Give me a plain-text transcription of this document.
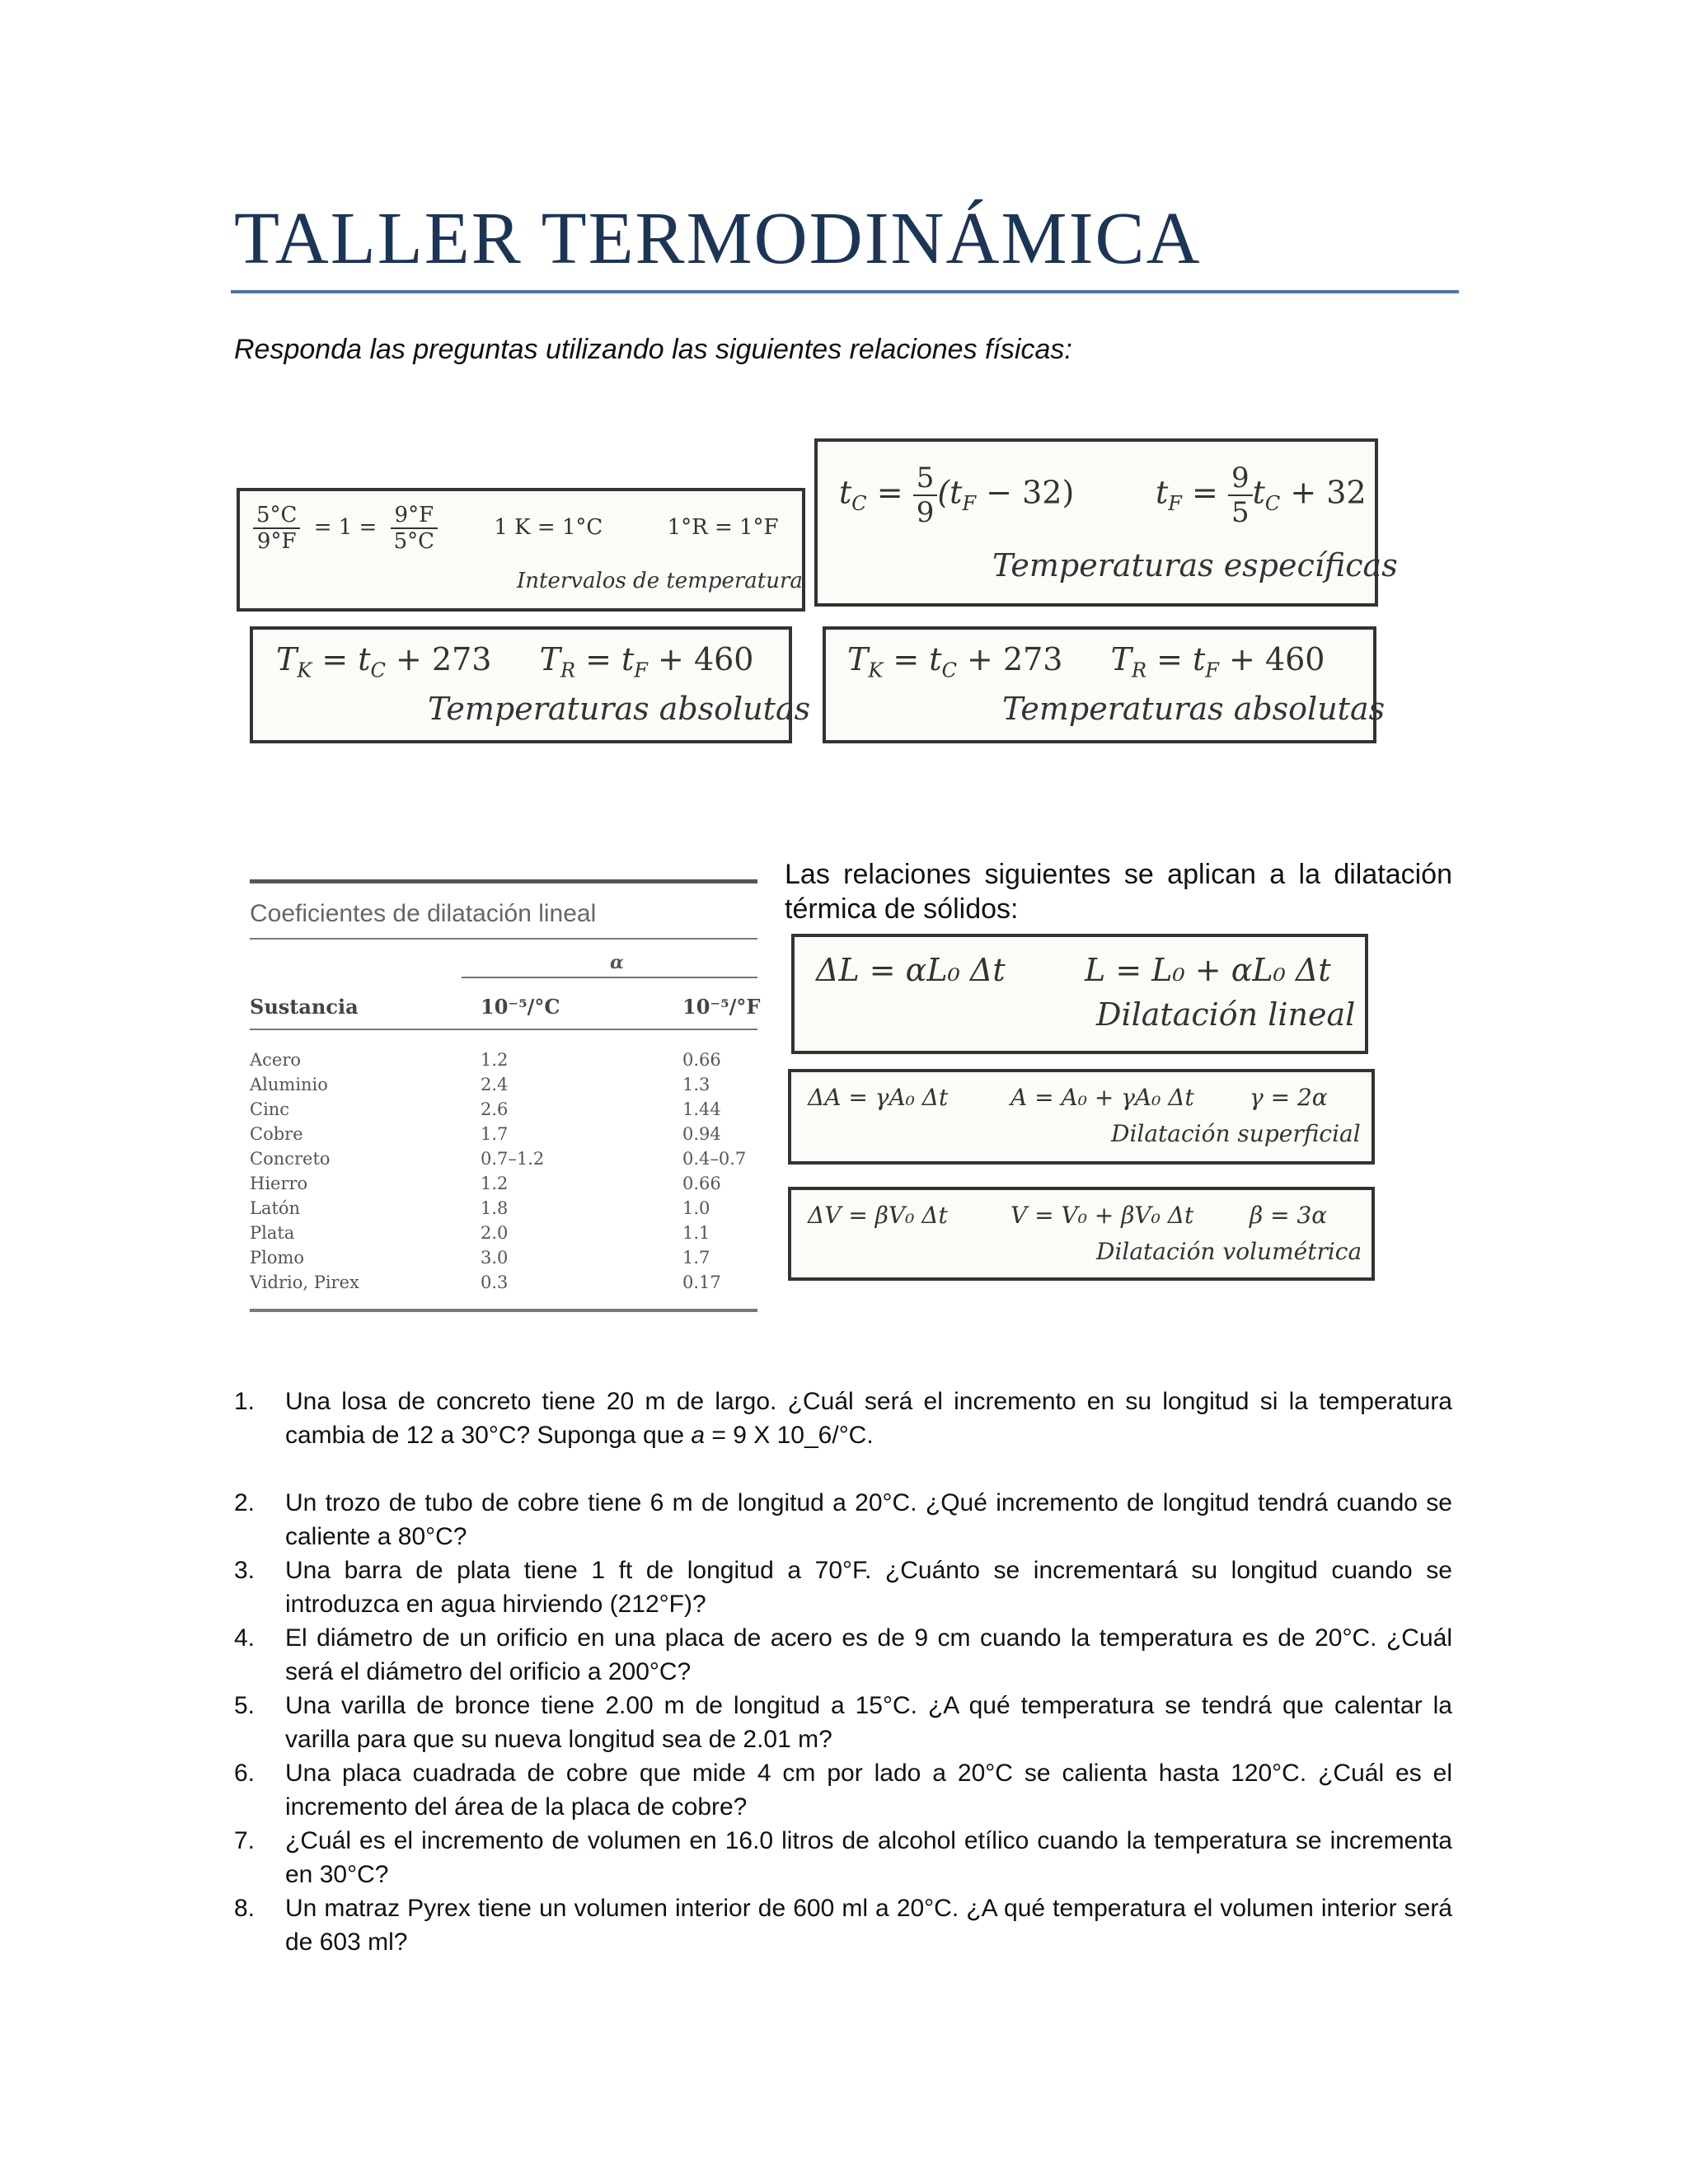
TALLER TERMODINÁMICA
Responda las preguntas utilizando las siguientes relaciones físicas:
$\frac{5^\circ C}{9^\circ F} = 1 = \frac{9^\circ F}{5^\circ C}$	1 K = 1°C	1°R = 1°F
Intervalos de temperatura
$t_C = \frac{5}{9} (t_F - 32)$	$t_F = \frac{9}{5} t_C + 32$
Temperaturas específicas
$T_K = t_C + 273$ $T_R = t_F + 460$
Temperaturas absolutas
$T_K = t_C + 273$ $T_R = t_F + 460$
Temperaturas absolutas
Coeficientes de dilatación lineal
α
Sustancia	10⁻⁵/°C	10⁻⁵/°F
Acero	1.2	0.66
Aluminio	2.4	1.3
Cinc	2.6	1.44
Cobre	1.7	0.94
Concreto	0.7–1.2	0.4–0.7
Hierro	1.2	0.66
Latón	1.8	1.0
Plata	2.0	1.1
Plomo	3.0	1.7
Vidrio, Pirex	0.3	0.17
Las relaciones siguientes se aplican a la dilatación térmica de sólidos:
ΔL = αL₀ Δt	L = L₀ + αL₀ Δt
Dilatación lineal
ΔA = γA₀ Δt	A = A₀ + γA₀ Δt γ = 2α
Dilatación superficial
ΔV = βV₀ Δt	V = V₀ + βV₀ Δt β = 3α
Dilatación volumétrica
1. Una losa de concreto tiene 20 m de largo. ¿Cuál será el incremento en su longitud si la temperatura cambia de 12 a 30°C? Suponga que a = 9 X 10_6/°C.
2. Un trozo de tubo de cobre tiene 6 m de longitud a 20°C. ¿Qué incremento de longitud tendrá cuando se caliente a 80°C?
3. Una barra de plata tiene 1 ft de longitud a 70°F. ¿Cuánto se incrementará su longitud cuando se introduzca en agua hirviendo (212°F)?
4. El diámetro de un orificio en una placa de acero es de 9 cm cuando la temperatura es de 20°C. ¿Cuál será el diámetro del orificio a 200°C?
5. Una varilla de bronce tiene 2.00 m de longitud a 15°C. ¿A qué temperatura se tendrá que calentar la varilla para que su nueva longitud sea de 2.01 m?
6. Una placa cuadrada de cobre que mide 4 cm por lado a 20°C se calienta hasta 120°C. ¿Cuál es el incremento del área de la placa de cobre?
7. ¿Cuál es el incremento de volumen en 16.0 litros de alcohol etílico cuando la temperatura se incrementa en 30°C?
8. Un matraz Pyrex tiene un volumen interior de 600 ml a 20°C. ¿A qué temperatura el volumen interior será de 603 ml?
